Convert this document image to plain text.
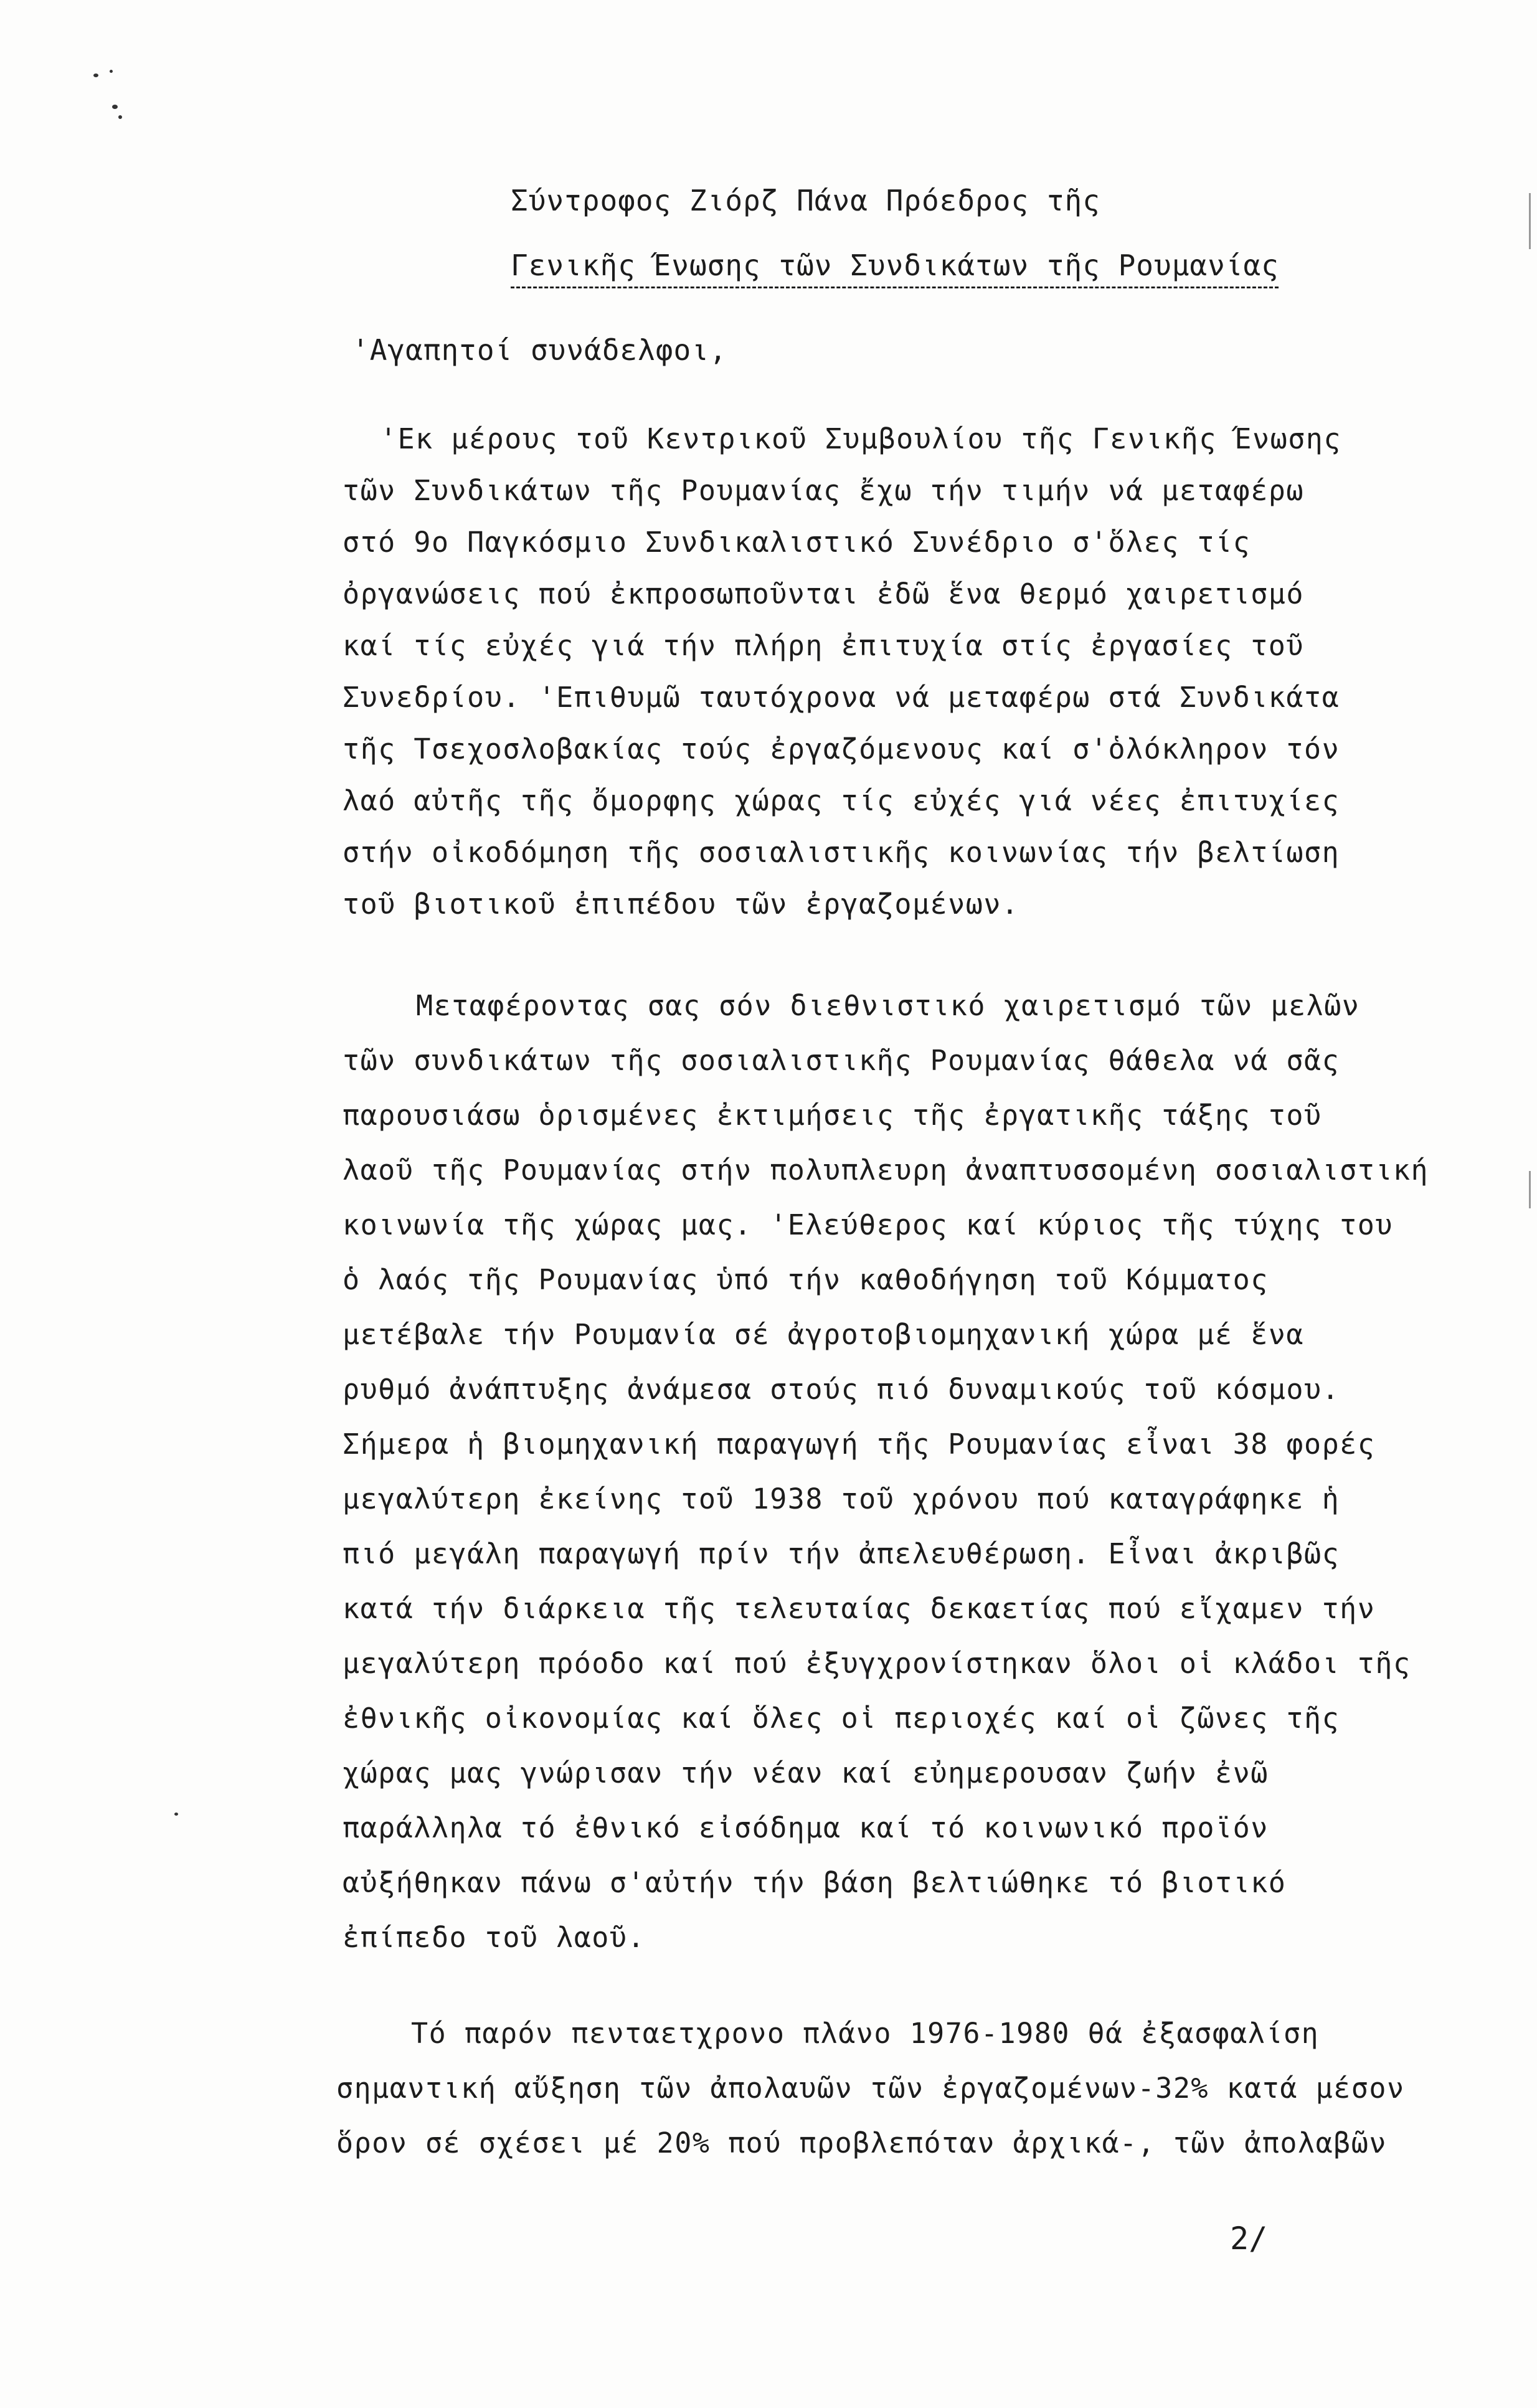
Σύντροφος Ζιόρζ Πάνα Πρόεδρος τῆς
Γενικῆς Ένωσης τῶν Συνδικάτων τῆς Ρουμανίας
'Αγαπητοί συνάδελφοι,
'Εκ μέρους τοῦ Κεντρικοῦ Συμβουλίου τῆς Γενικῆς Ένωσης
τῶν Συνδικάτων τῆς Ρουμανίας ἔχω τήν τιμήν νά μεταφέρω
στό 9ο Παγκόσμιο Συνδικαλιστικό Συνέδριο σ'ὅλες τίς
ὀργανώσεις πού ἐκπροσωποῦνται ἐδῶ ἕνα θερμό χαιρετισμό
καί τίς εὐχές γιά τήν πλήρη ἐπιτυχία στίς ἐργασίες τοῦ
Συνεδρίου. 'Επιθυμῶ ταυτόχρονα νά μεταφέρω στά Συνδικάτα
τῆς Τσεχοσλοβακίας τούς ἐργαζόμενους καί σ'ὁλόκληρον τόν
λαό αὐτῆς τῆς ὄμορφης χώρας τίς εὐχές γιά νέες ἐπιτυχίες
στήν οἰκοδόμηση τῆς σοσιαλιστικῆς κοινωνίας τήν βελτίωση
τοῦ βιοτικοῦ ἐπιπέδου τῶν ἐργαζομένων.
Μεταφέροντας σας σόν διεθνιστικό χαιρετισμό τῶν μελῶν
τῶν συνδικάτων τῆς σοσιαλιστικῆς Ρουμανίας θάθελα νά σᾶς
παρουσιάσω ὁρισμένες ἐκτιμήσεις τῆς ἐργατικῆς τάξης τοῦ
λαοῦ τῆς Ρουμανίας στήν πολυπλευρη ἀναπτυσσομένη σοσιαλιστική
κοινωνία τῆς χώρας μας. 'Ελεύθερος καί κύριος τῆς τύχης του
ὁ λαός τῆς Ρουμανίας ὑπό τήν καθοδήγηση τοῦ Κόμματος
μετέβαλε τήν Ρουμανία σέ ἀγροτοβιομηχανική χώρα μέ ἕνα
ρυθμό ἀνάπτυξης ἀνάμεσα στούς πιό δυναμικούς τοῦ κόσμου.
Σήμερα ἡ βιομηχανική παραγωγή τῆς Ρουμανίας εἶναι 38 φορές
μεγαλύτερη ἐκείνης τοῦ 1938 τοῦ χρόνου πού καταγράφηκε ἡ
πιό μεγάλη παραγωγή πρίν τήν ἀπελευθέρωση. Εἶναι ἀκριβῶς
κατά τήν διάρκεια τῆς τελευταίας δεκαετίας πού εἴχαμεν τήν
μεγαλύτερη πρόοδο καί πού ἐξυγχρονίστηκαν ὅλοι οἱ κλάδοι τῆς
ἐθνικῆς οἰκονομίας καί ὅλες οἱ περιοχές καί οἱ ζῶνες τῆς
χώρας μας γνώρισαν τήν νέαν καί εὐημερουσαν ζωήν ἐνῶ
παράλληλα τό ἐθνικό εἰσόδημα καί τό κοινωνικό προϊόν
αὐξήθηκαν πάνω σ'αὐτήν τήν βάση βελτιώθηκε τό βιοτικό
ἐπίπεδο τοῦ λαοῦ.
Τό παρόν πενταετχρονο πλάνο 1976-1980 θά ἐξασφαλίση
σημαντική αὔξηση τῶν ἀπολαυῶν τῶν ἐργαζομένων-32% κατά μέσον
ὅρον σέ σχέσει μέ 20% πού προβλεπόταν ἀρχικά-, τῶν ἀπολαβῶν
2/
